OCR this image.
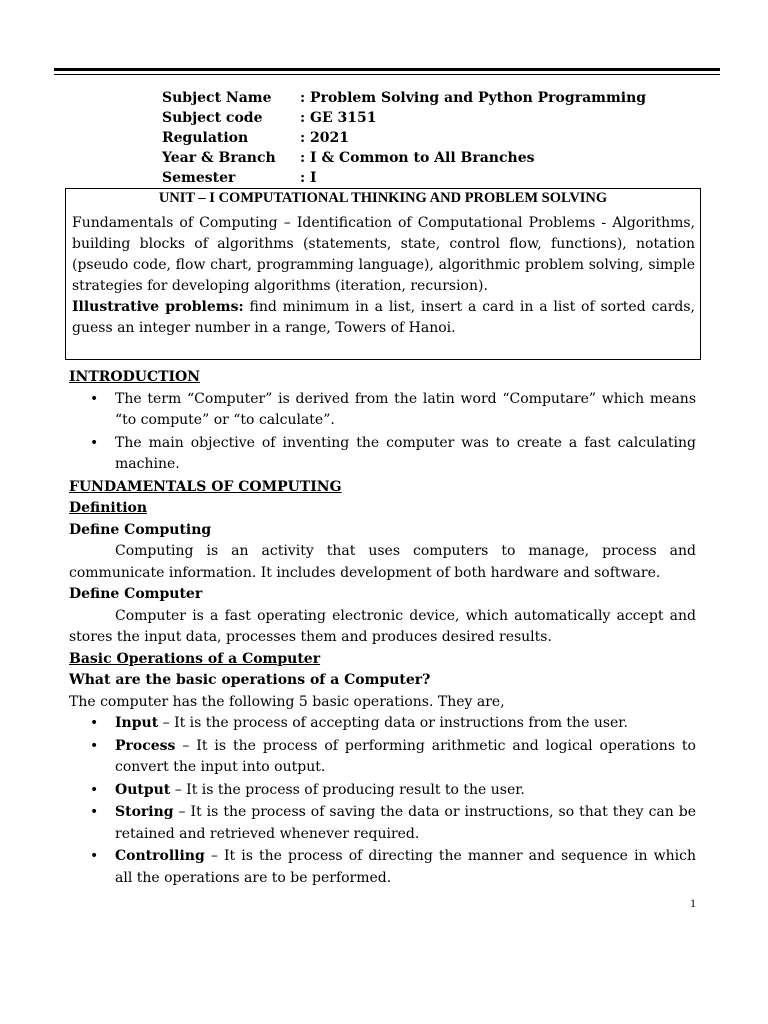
Subject Name	: Problem Solving and Python Programming
Subject code	: GE 3151
Regulation	: 2021
Year & Branch	: I & Common to All Branches
Semester	: I
UNIT – I COMPUTATIONAL THINKING AND PROBLEM SOLVING
Fundamentals of Computing – Identification of Computational Problems - Algorithms, building blocks of algorithms (statements, state, control flow, functions), notation (pseudo code, flow chart, programming language), algorithmic problem solving, simple strategies for developing algorithms (iteration, recursion).
Illustrative problems: find minimum in a list, insert a card in a list of sorted cards, guess an integer number in a range, Towers of Hanoi.

INTRODUCTION

• The term “Computer” is derived from the latin word “Computare” which means “to compute” or “to calculate”.
• The main objective of inventing the computer was to create a fast calculating machine.

FUNDAMENTALS OF COMPUTING

Definition

Define Computing

Computing is an activity that uses computers to manage, process and communicate information. It includes development of both hardware and software.

Define Computer

Computer is a fast operating electronic device, which automatically accept and stores the input data, processes them and produces desired results.

Basic Operations of a Computer

What are the basic operations of a Computer?

The computer has the following 5 basic operations. They are,

• Input – It is the process of accepting data or instructions from the user.
• Process – It is the process of performing arithmetic and logical operations to convert the input into output.
• Output – It is the process of producing result to the user.
• Storing – It is the process of saving the data or instructions, so that they can be retained and retrieved whenever required.
• Controlling – It is the process of directing the manner and sequence in which all the operations are to be performed.
1
